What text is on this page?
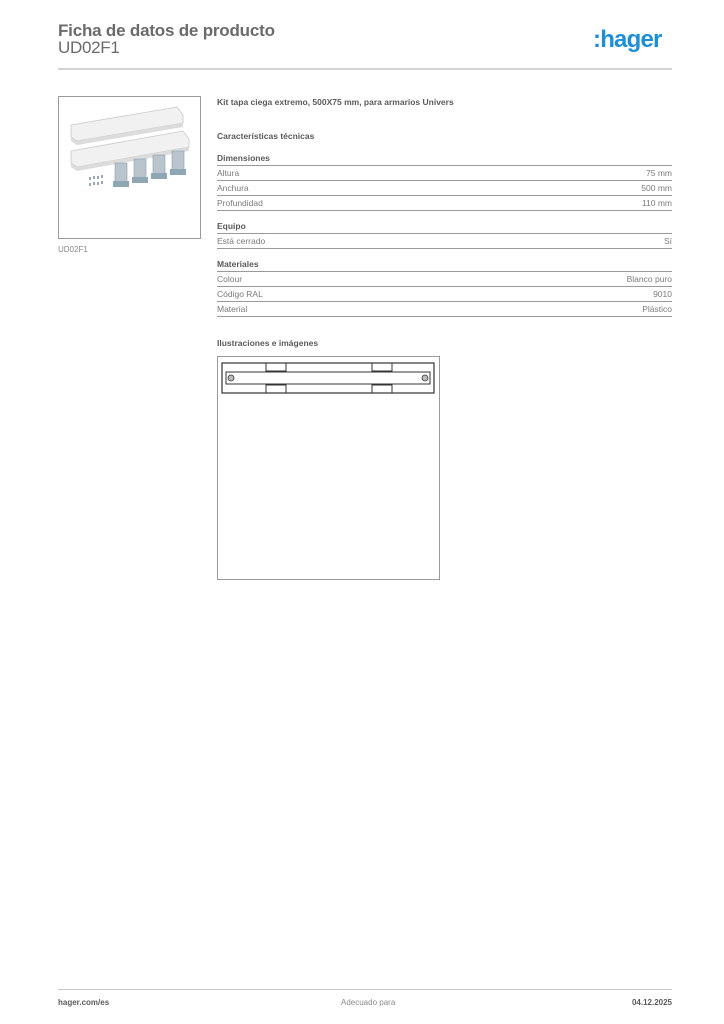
Ficha de datos de producto
UD02F1	:hager
UD02F1
Kit tapa ciega extremo, 500X75 mm, para armarios Univers
Características técnicas
Dimensiones
Altura	75 mm
Anchura	500 mm
Profundidad	110 mm
Equipo
Está cerrado	Sí
Materiales
Colour	Blanco puro
Código RAL	9010
Material	Plástico
Ilustraciones e imágenes
hager.com/es	Adecuado para	04.12.2025
